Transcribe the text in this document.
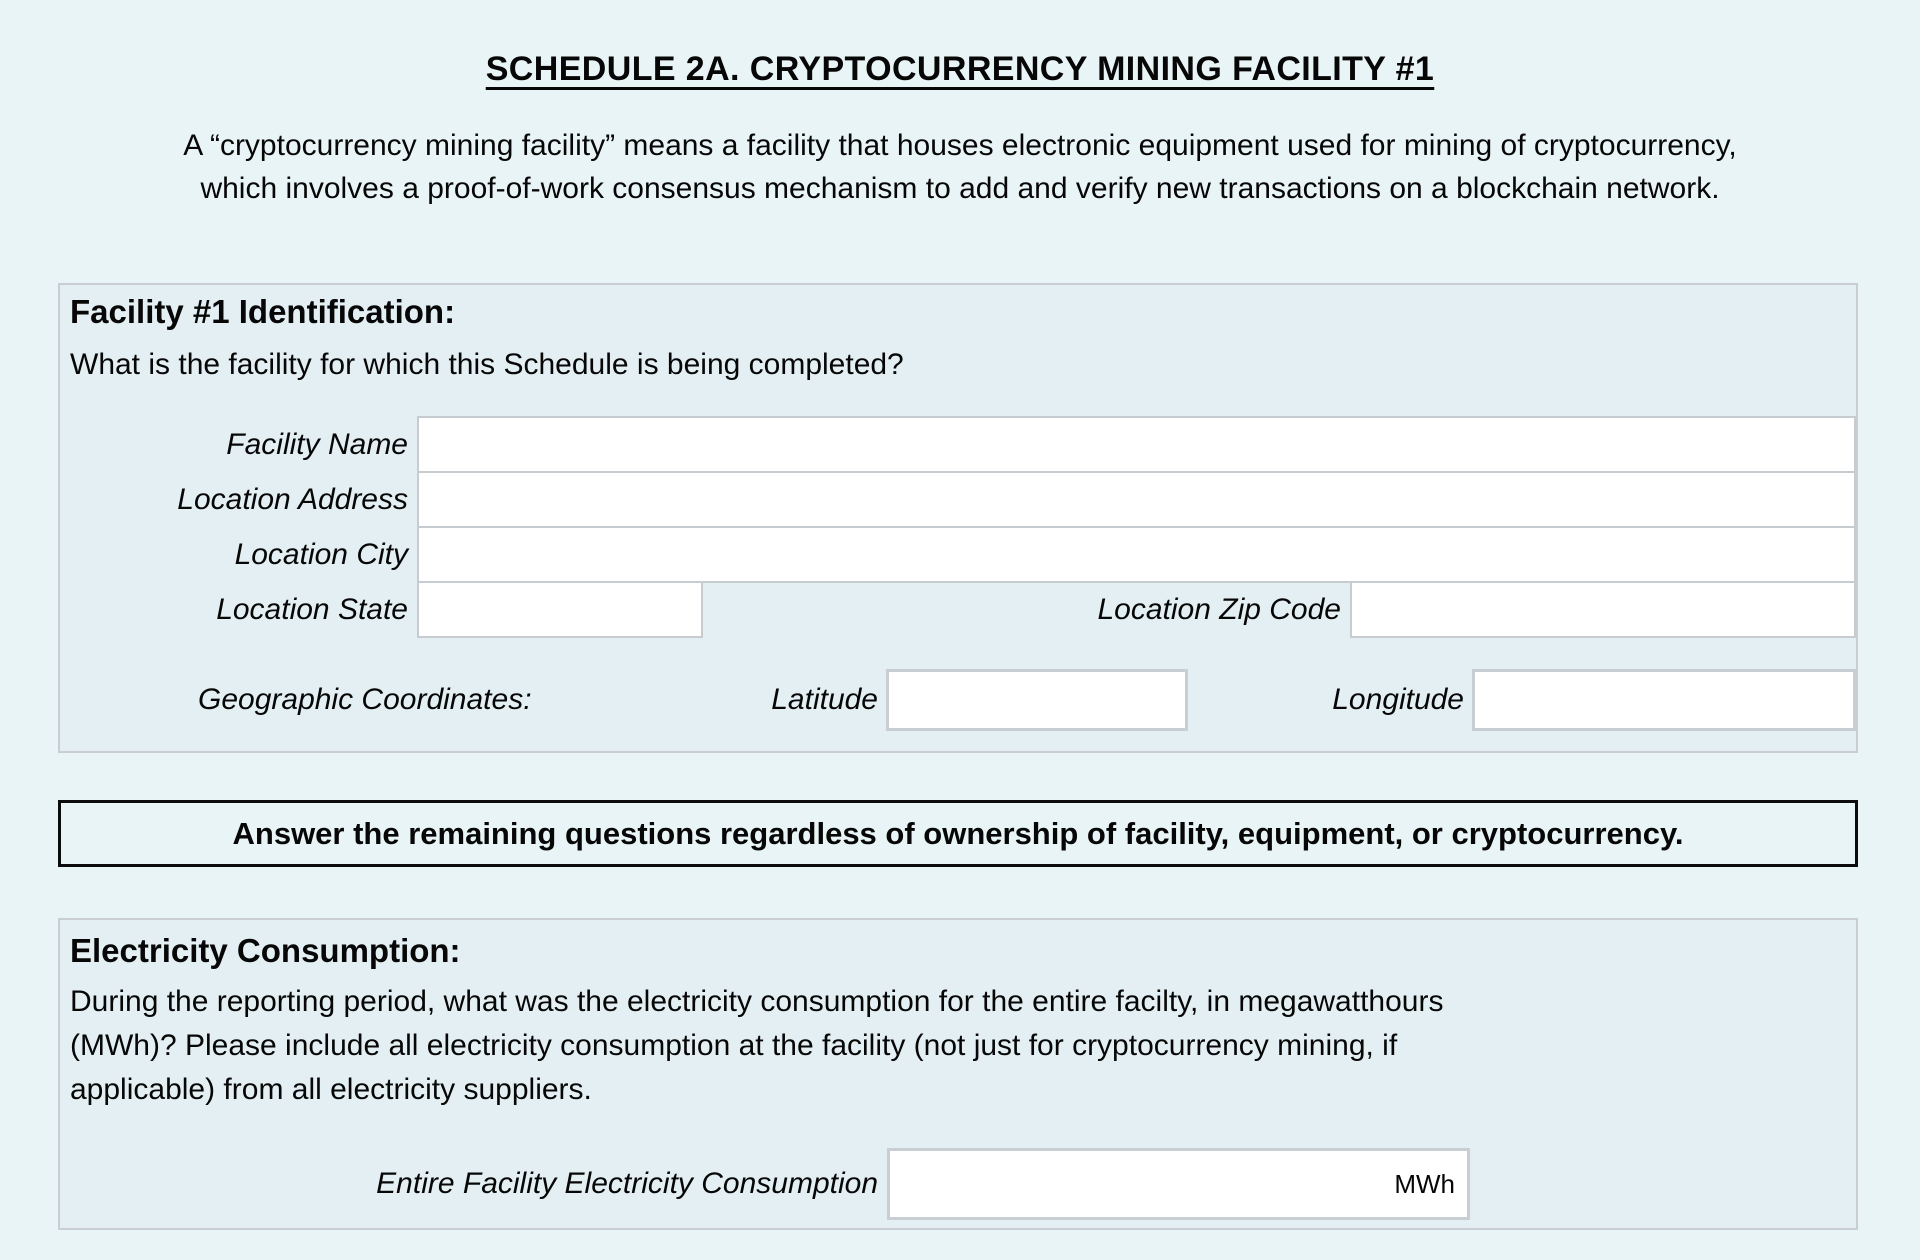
SCHEDULE 2A. CRYPTOCURRENCY MINING FACILITY #1
A “cryptocurrency mining facility” means a facility that houses electronic equipment used for mining of cryptocurrency,
which involves a proof-of-work consensus mechanism to add and verify new transactions on a blockchain network.
Facility #1 Identification:
What is the facility for which this Schedule is being completed?
Facility Name
Location Address
Location City
Location State	Location Zip Code
Geographic Coordinates:	Latitude	Longitude
Answer the remaining questions regardless of ownership of facility, equipment, or cryptocurrency.
Electricity Consumption:
During the reporting period, what was the electricity consumption for the entire facilty, in megawatthours
(MWh)? Please include all electricity consumption at the facility (not just for cryptocurrency mining, if
applicable) from all electricity suppliers.
Entire Facility Electricity Consumption	MWh
